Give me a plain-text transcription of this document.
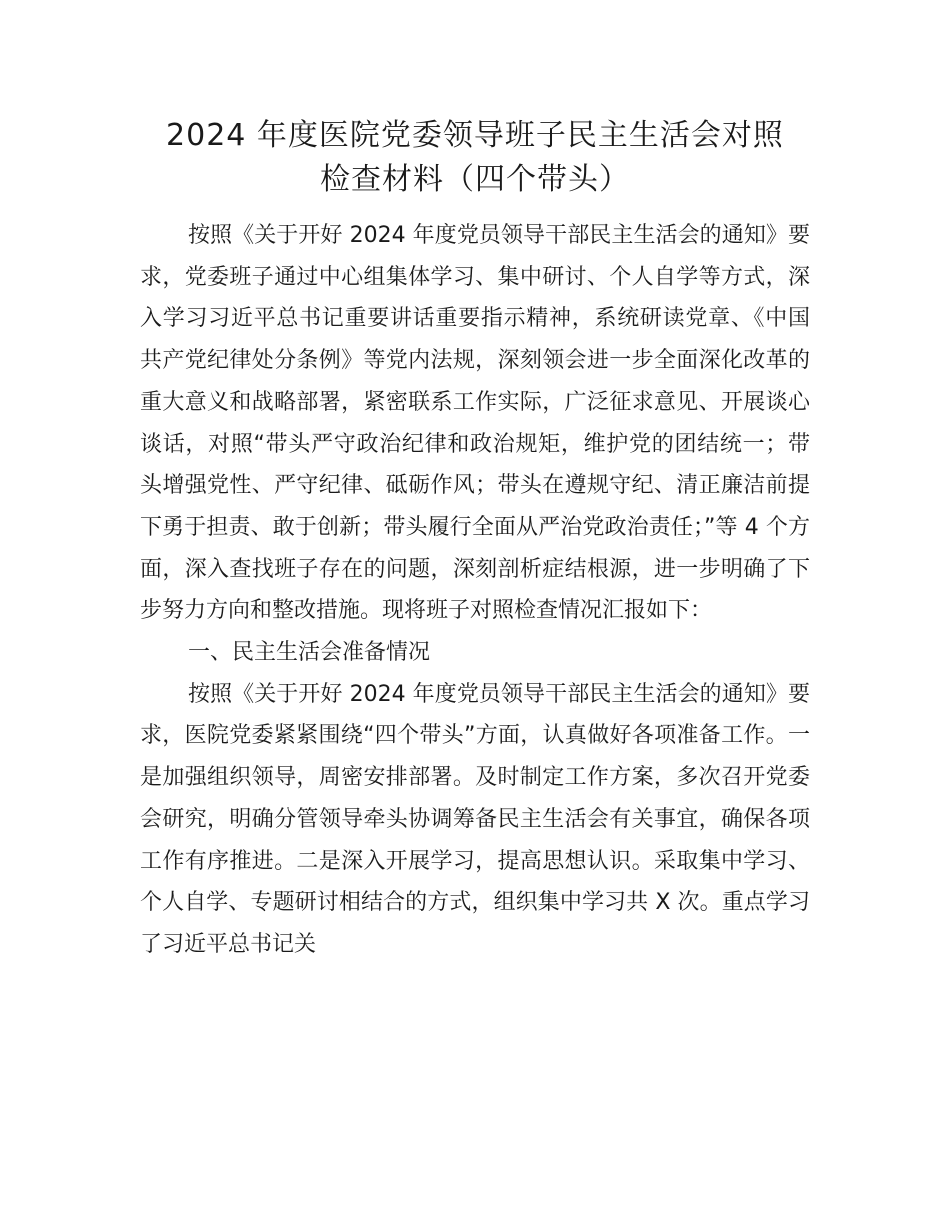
2024 年度医院党委领导班子民主生活会对照
检查材料（四个带头）

按照《关于开好 2024 年度党员领导干部民主生活会的通知》要求，党委班子通过中心组集体学习、集中研讨、个人自学等方式，深入学习习近平总书记重要讲话重要指示精神，系统研读党章、《中国共产党纪律处分条例》等党内法规，深刻领会进一步全面深化改革的重大意义和战略部署，紧密联系工作实际，广泛征求意见、开展谈心谈话，对照“带头严守政治纪律和政治规矩，维护党的团结统一；带头增强党性、严守纪律、砥砺作风；带头在遵规守纪、清正廉洁前提下勇于担责、敢于创新；带头履行全面从严治党政治责任；”等 4 个方面，深入查找班子存在的问题，深刻剖析症结根源，进一步明确了下步努力方向和整改措施。现将班子对照检查情况汇报如下：

一、民主生活会准备情况

按照《关于开好 2024 年度党员领导干部民主生活会的通知》要求，医院党委紧紧围绕“四个带头”方面，认真做好各项准备工作。一是加强组织领导，周密安排部署。及时制定工作方案，多次召开党委会研究，明确分管领导牵头协调筹备民主生活会有关事宜，确保各项工作有序推进。二是深入开展学习，提高思想认识。采取集中学习、个人自学、专题研讨相结合的方式，组织集中学习共 X 次。重点学习了习近平总书记关
